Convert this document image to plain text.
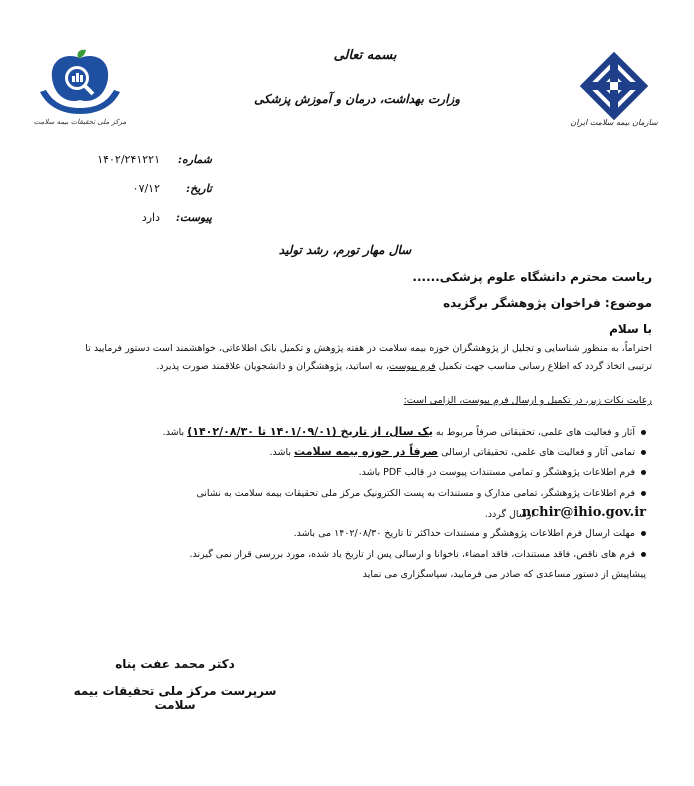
مرکز ملی تحقیقات بیمه سلامت
بسمه تعالی
وزارت بهداشت، درمان و آموزش پزشکی
سازمان بیمه سلامت ایران
شماره:
۱۴۰۲/۲۴۱۲۲۱
تاریخ:
۰۷/۱۲
پیوست:
دارد
سال مهار تورم، رشد تولید
ریاست محترم دانشگاه علوم پزشکی......
موضوع: فراخوان پژوهشگر برگزیده
با سلام
احتراماً، به منظور شناسایی و تجلیل از پژوهشگران حوزه بیمه سلامت در هفته پژوهش و تکمیل بانک اطلاعاتی، خواهشمند است دستور فرمایید تا
ترتیبی اتخاذ گردد که اطلاع رسانی مناسب جهت تکمیل فرم پیوست، به اساتید، پژوهشگران و دانشجویان علاقمند صورت پذیرد.
رعایت نکات زیر، در تکمیل و ارسال فرم پیوست، الزامی است:
آثار و فعالیت های علمی، تحقیقاتی صرفاً مربوط به یک سال، از تاریخ (۱۴۰۱/۰۹/۰۱ تا ۱۴۰۲/۰۸/۳۰) باشد.
تمامی آثار و فعالیت های علمی، تحقیقاتی ارسالی صرفاً در حوزه بیمه سلامت باشد.
فرم اطلاعات پژوهشگر و تمامی مستندات پیوست در قالب PDF باشد.
فرم اطلاعات پژوهشگر، تمامی مدارک و مستندات به پست الکترونیک مرکز ملی تحقیقات بیمه سلامت به نشانی
nchir@ihio.gov.ir
ارسال گردد.
مهلت ارسال فرم اطلاعات پژوهشگر و مستندات حداکثر تا تاریخ ۱۴۰۲/۰۸/۳۰ می باشد.
فرم های ناقص، فاقد مستندات، فاقد امضاء، ناخوانا و ارسالی پس از تاریخ یاد شده، مورد بررسی قرار نمی گیرند.
پیشاپیش از دستور مساعدی که صادر می فرمایید، سپاسگزاری می نماید
دکتر محمد عفت پناه
سرپرست مرکز ملی تحقیقات بیمه سلامت
